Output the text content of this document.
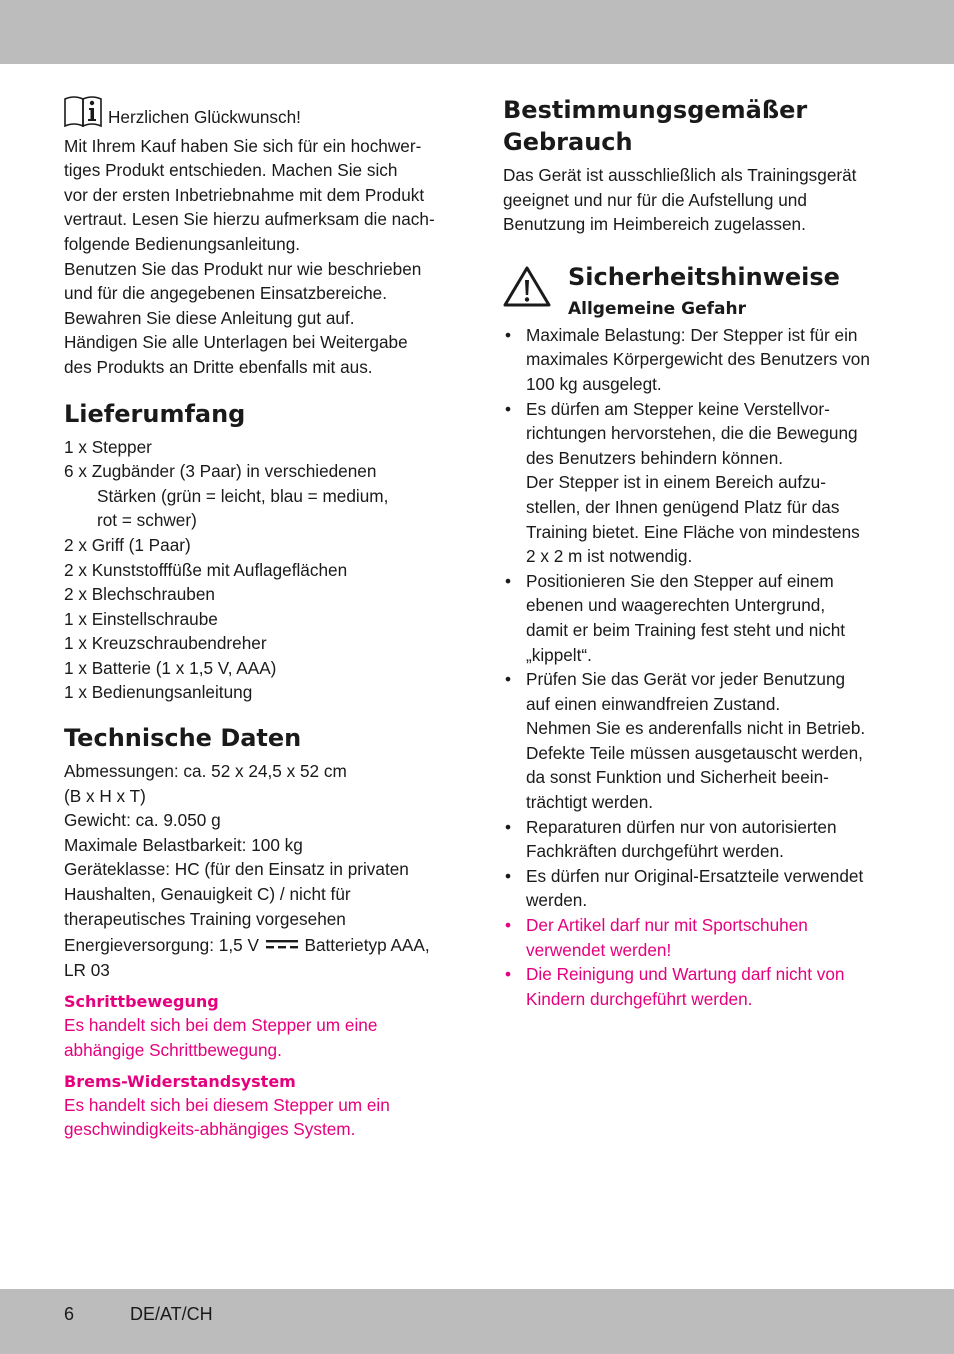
Herzlichen Glückwunsch!
Mit Ihrem Kauf haben Sie sich für ein hochwer-
tiges Produkt entschieden. Machen Sie sich
vor der ersten Inbetriebnahme mit dem Produkt
vertraut. Lesen Sie hierzu aufmerksam die nach-
folgende Bedienungsanleitung.
Benutzen Sie das Produkt nur wie beschrieben
und für die angegebenen Einsatzbereiche.
Bewahren Sie diese Anleitung gut auf.
Händigen Sie alle Unterlagen bei Weitergabe
des Produkts an Dritte ebenfalls mit aus.
Lieferumfang
1 x Stepper
6 x Zugbänder (3 Paar) in verschiedenen
Stärken (grün = leicht, blau = medium,
rot = schwer)
2 x Griff (1 Paar)
2 x Kunststofffüße mit Auflageflächen
2 x Blechschrauben
1 x Einstellschraube
1 x Kreuzschraubendreher
1 x Batterie (1 x 1,5 V, AAA)
1 x Bedienungsanleitung
Technische Daten
Abmessungen: ca. 52 x 24,5 x 52 cm
(B x H x T)
Gewicht: ca. 9.050 g
Maximale Belastbarkeit: 100 kg
Geräteklasse: HC (für den Einsatz in privaten
Haushalten, Genauigkeit C) / nicht für
therapeutisches Training vorgesehen
Energieversorgung: 1,5 V	Batterietyp AAA,
LR 03
Schrittbewegung
Es handelt sich bei dem Stepper um eine
abhängige Schrittbewegung.
Brems-Widerstandsystem
Es handelt sich bei diesem Stepper um ein
geschwindigkeits-abhängiges System.
Bestimmungsgemäßer
Gebrauch
Das Gerät ist ausschließlich als Trainingsgerät
geeignet und nur für die Aufstellung und
Benutzung im Heimbereich zugelassen.
Sicherheitshinweise
Allgemeine Gefahr
• Maximale Belastung: Der Stepper ist für ein
maximales Körpergewicht des Benutzers von
100 kg ausgelegt.
• Es dürfen am Stepper keine Verstellvor-
richtungen hervorstehen, die die Bewegung
des Benutzers behindern können.
Der Stepper ist in einem Bereich aufzu-
stellen, der Ihnen genügend Platz für das
Training bietet. Eine Fläche von mindestens
2 x 2 m ist notwendig.
• Positionieren Sie den Stepper auf einem
ebenen und waagerechten Untergrund,
damit er beim Training fest steht und nicht
„kippelt“.
• Prüfen Sie das Gerät vor jeder Benutzung
auf einen einwandfreien Zustand.
Nehmen Sie es anderenfalls nicht in Betrieb.
Defekte Teile müssen ausgetauscht werden,
da sonst Funktion und Sicherheit beein-
trächtigt werden.
• Reparaturen dürfen nur von autorisierten
Fachkräften durchgeführt werden.
• Es dürfen nur Original-Ersatzteile verwendet
werden.
• Der Artikel darf nur mit Sportschuhen
verwendet werden!
• Die Reinigung und Wartung darf nicht von
Kindern durchgeführt werden.
6	DE/AT/CH
